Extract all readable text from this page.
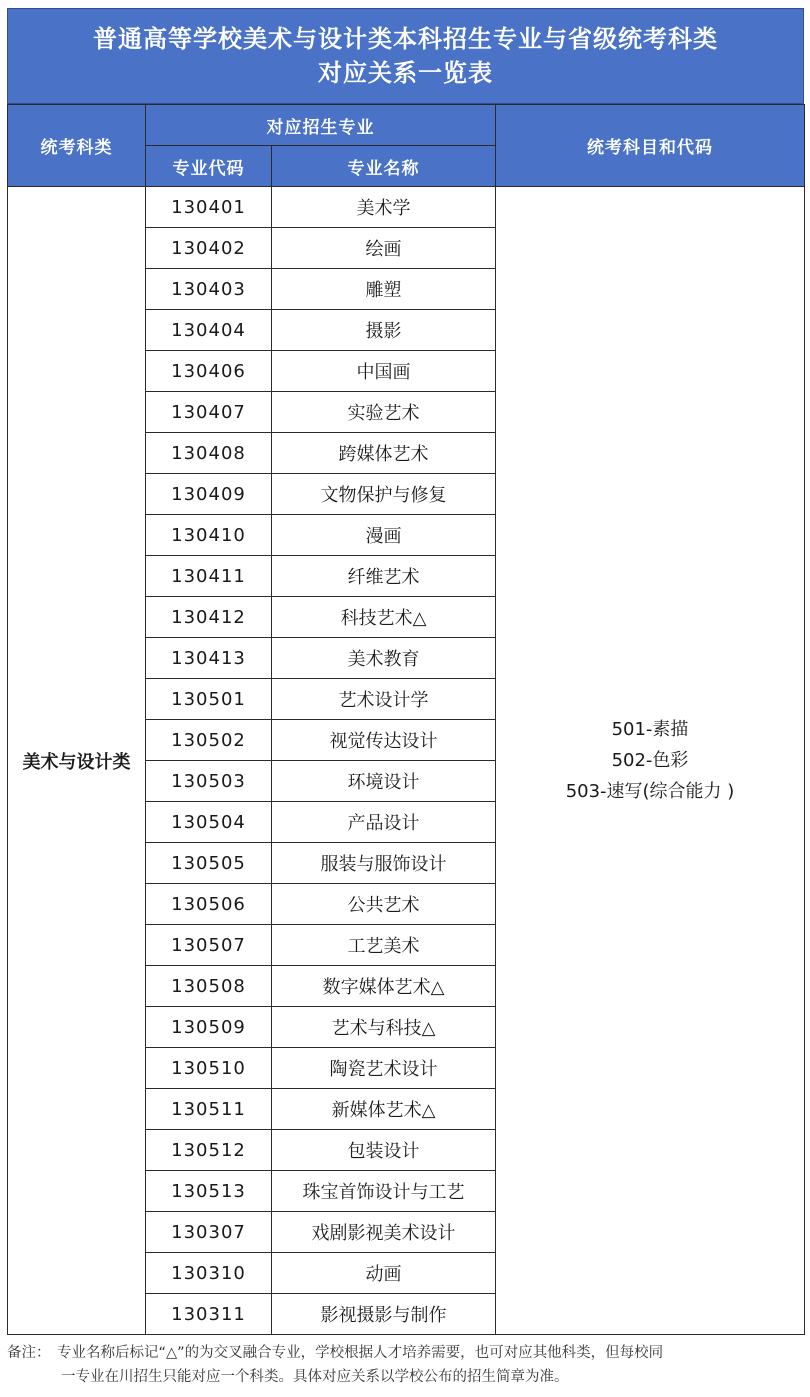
普通高等学校美术与设计类本科招生专业与省级统考科类
对应关系一览表
统考科类	对应招生专业		统考科目和代码
	专业代码	专业名称	
美术与设计类	130401	美术学	501-素描
502-色彩
503-速写(综合能力 )

	130402	绘画	
	130403	雕塑	
	130404	摄影	
	130406	中国画	
	130407	实验艺术	
	130408	跨媒体艺术	
	130409	文物保护与修复	
	130410	漫画	
	130411	纤维艺术	
	130412	科技艺术△	
	130413	美术教育	
	130501	艺术设计学	
	130502	视觉传达设计	
	130503	环境设计	
	130504	产品设计	
	130505	服装与服饰设计	
	130506	公共艺术	
	130507	工艺美术	
	130508	数字媒体艺术△	
	130509	艺术与科技△	
	130510	陶瓷艺术设计	
	130511	新媒体艺术△	
	130512	包装设计	
	130513	珠宝首饰设计与工艺	
	130307	戏剧影视美术设计	
	130310	动画	
	130311	影视摄影与制作	
备注： 专业名称后标记“△”的为交叉融合专业，学校根据人才培养需要，也可对应其他科类，但每校同
一专业在川招生只能对应一个科类。具体对应关系以学校公布的招生简章为准。
